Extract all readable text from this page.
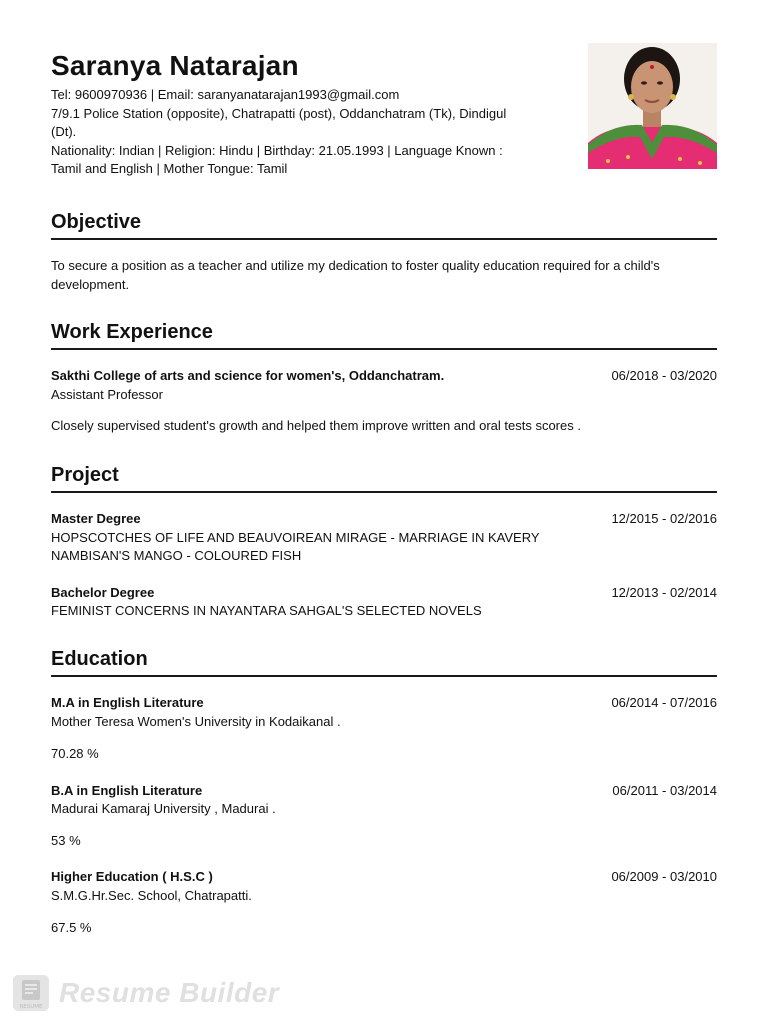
Saranya Natarajan
Tel: 9600970936 | Email: saranyanatarajan1993@gmail.com
7/9.1 Police Station (opposite), Chatrapatti (post), Oddanchatram (Tk), Dindigul
(Dt).
Nationality: Indian | Religion: Hindu | Birthday: 21.05.1993 | Language Known :
Tamil and English | Mother Tongue: Tamil
Objective
To secure a position as a teacher and utilize my dedication to foster quality education required for a child's
development.
Work Experience
Sakthi College of arts and science for women's, Oddanchatram.	06/2018 - 03/2020
Assistant Professor
Closely supervised student's growth and helped them improve written and oral tests scores .
Project
Master Degree	12/2015 - 02/2016
HOPSCOTCHES OF LIFE AND BEAUVOIREAN MIRAGE - MARRIAGE IN KAVERY
NAMBISAN'S MANGO - COLOURED FISH
Bachelor Degree	12/2013 - 02/2014
FEMINIST CONCERNS IN NAYANTARA SAHGAL'S SELECTED NOVELS
Education
M.A in English Literature	06/2014 - 07/2016
Mother Teresa Women's University in Kodaikanal .
70.28 %
B.A in English Literature	06/2011 - 03/2014
Madurai Kamaraj University , Madurai .
53 %
Higher Education ( H.S.C )	06/2009 - 03/2010
S.M.G.Hr.Sec. School, Chatrapatti.
67.5 %
RESUME Resume Builder
